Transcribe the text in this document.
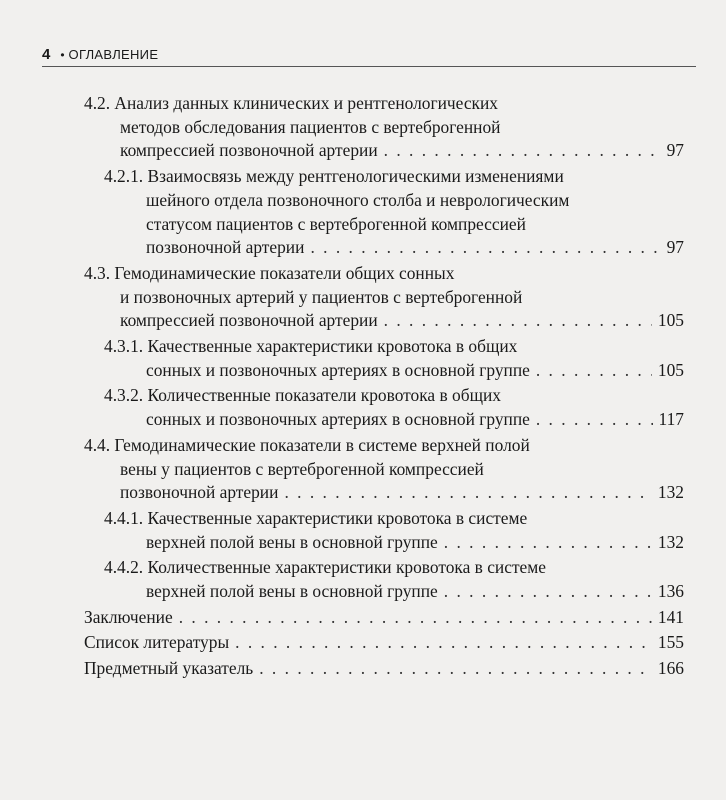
4 • ОГЛАВЛЕНИЕ
4.2. Анализ данных клинических и рентгенологических
методов обследования пациентов с вертеброгенной
компрессией позвоночной артерии . . .	97
4.2.1. Взаимосвязь между рентгенологическими изменениями
шейного отдела позвоночного столба и неврологическим
статусом пациентов с вертеброгенной компрессией
позвоночной артерии . . .	97
4.3. Гемодинамические показатели общих сонных
и позвоночных артерий у пациентов с вертеброгенной
компрессией позвоночной артерии . . .	105
4.3.1. Качественные характеристики кровотока в общих
сонных и позвоночных артериях в основной группе . . .	105
4.3.2. Количественные показатели кровотока в общих
сонных и позвоночных артериях в основной группе . . .	117
4.4. Гемодинамические показатели в системе верхней полой
вены у пациентов с вертеброгенной компрессией
позвоночной артерии . . .	132
4.4.1. Качественные характеристики кровотока в системе
верхней полой вены в основной группе . . .	132
4.4.2. Количественные характеристики кровотока в системе
верхней полой вены в основной группе . . .	136
Заключение . . .	141
Список литературы . . .	155
Предметный указатель . . .	166
